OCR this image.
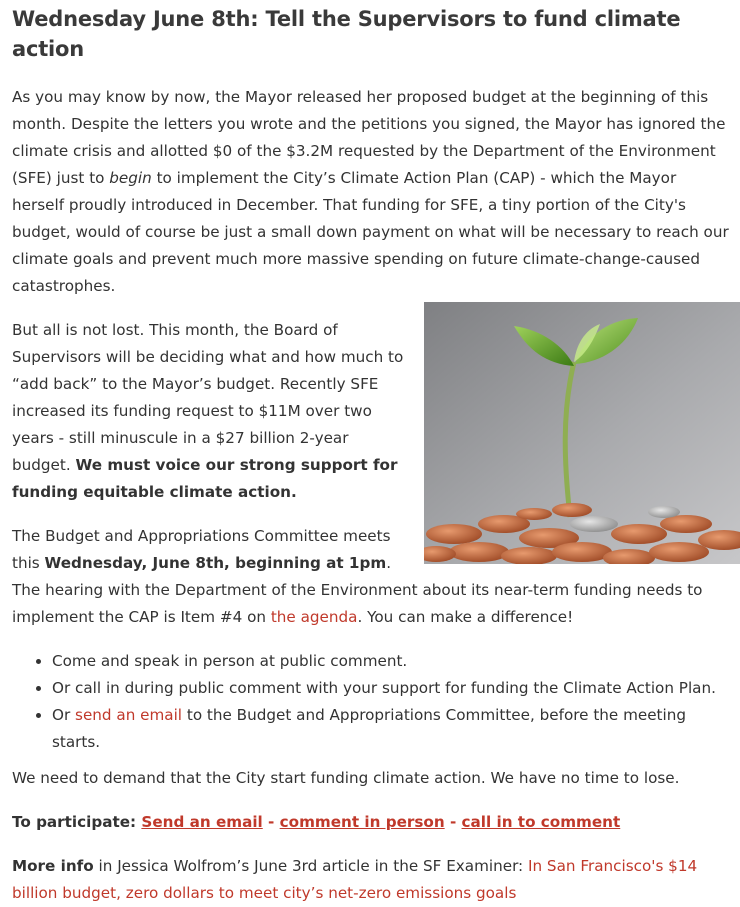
Wednesday June 8th: Tell the Supervisors to fund climate action

As you may know by now, the Mayor released her proposed budget at the beginning of this month. Despite the letters you wrote and the petitions you signed, the Mayor has ignored the climate crisis and allotted $0 of the $3.2M requested by the Department of the Environment (SFE) just to begin to implement the City’s Climate Action Plan (CAP) - which the Mayor herself proudly introduced in December. That funding for SFE, a tiny portion of the City's budget, would of course be just a small down payment on what will be necessary to reach our climate goals and prevent much more massive spending on future climate-change-caused catastrophes.

But all is not lost. This month, the Board of Supervisors will be deciding what and how much to “add back” to the Mayor’s budget. Recently SFE increased its funding request to $11M over two years - still minuscule in a $27 billion 2-year budget. We must voice our strong support for funding equitable climate action.

The Budget and Appropriations Committee meets this Wednesday, June 8th, beginning at 1pm. The hearing with the Department of the Environment about its near-term funding needs to implement the CAP is Item #4 on the agenda. You can make a difference!

• Come and speak in person at public comment.
• Or call in during public comment with your support for funding the Climate Action Plan.
• Or send an email to the Budget and Appropriations Committee, before the meeting starts.

We need to demand that the City start funding climate action. We have no time to lose.

To participate: Send an email - comment in person - call in to comment

More info in Jessica Wolfrom’s June 3rd article in the SF Examiner: In San Francisco's $14 billion budget, zero dollars to meet city’s net-zero emissions goals
